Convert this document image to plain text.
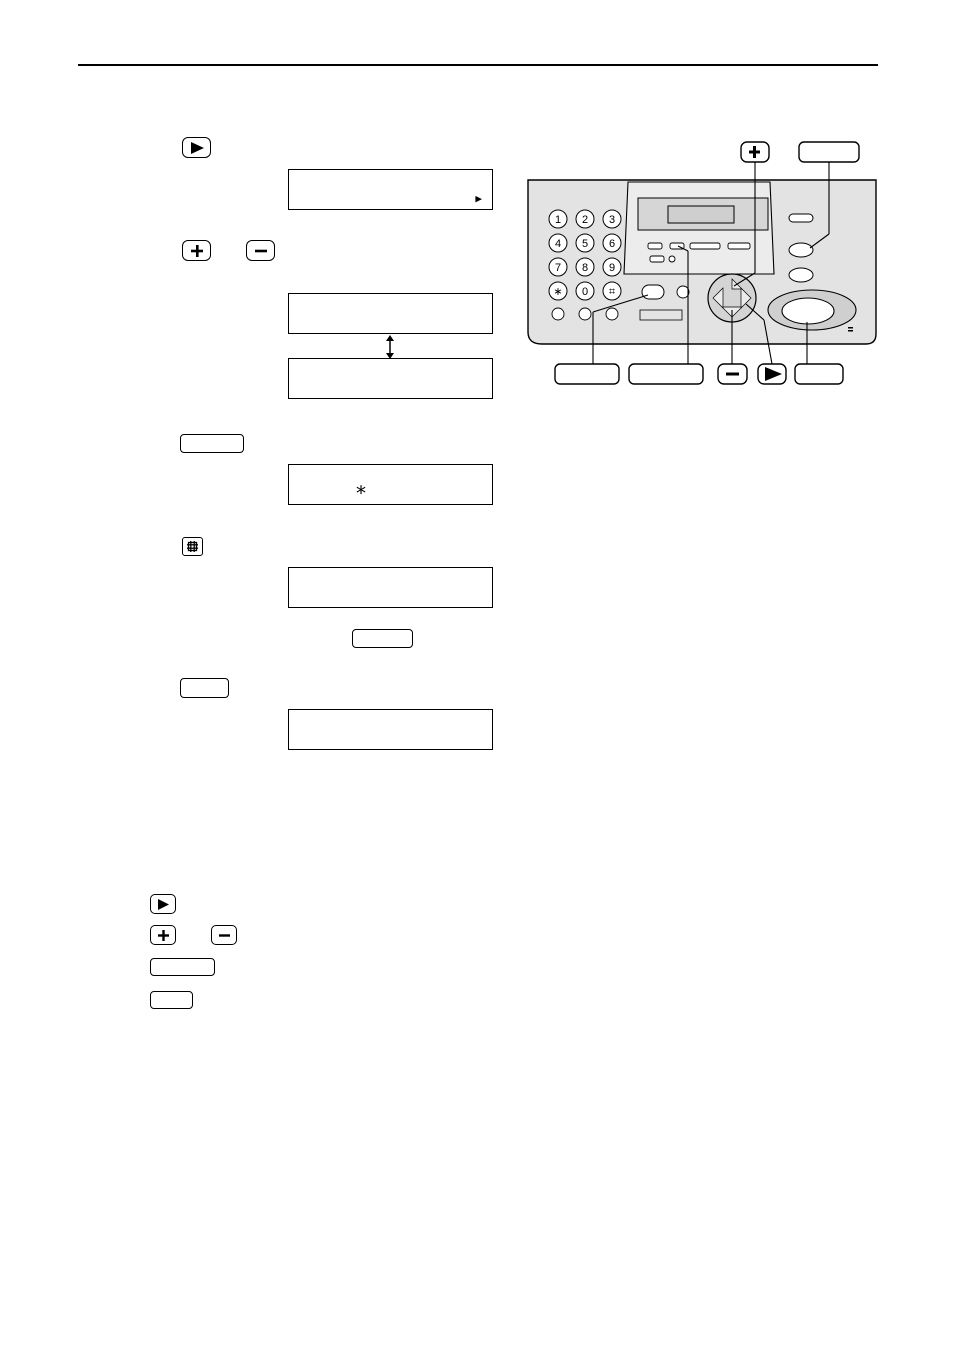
▶
∗
1 2 3
4 5 6
7 8 9
∗ 0 ⌗
